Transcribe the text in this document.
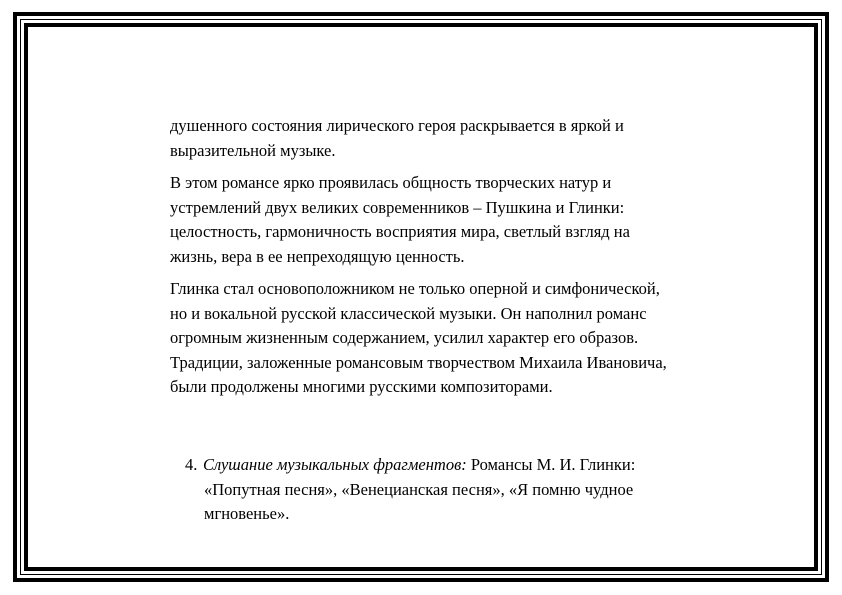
душенного состояния лирического героя раскрывается в яркой и
выразительной музыке.

В этом романсе ярко проявилась общность творческих натур и
устремлений двух великих современников – Пушкина и Глинки:
целостность, гармоничность восприятия мира, светлый взгляд на
жизнь, вера в ее непреходящую ценность.

Глинка стал основоположником не только оперной и симфонической,
но и вокальной русской классической музыки. Он наполнил романс
огромным жизненным содержанием, усилил характер его образов.
Традиции, заложенные романсовым творчеством Михаила Ивановича,
были продолжены многими русскими композиторами.

4. Слушание музыкальных фрагментов: Романсы М. И. Глинки:
«Попутная песня», «Венецианская песня», «Я помню чудное
мгновенье».
